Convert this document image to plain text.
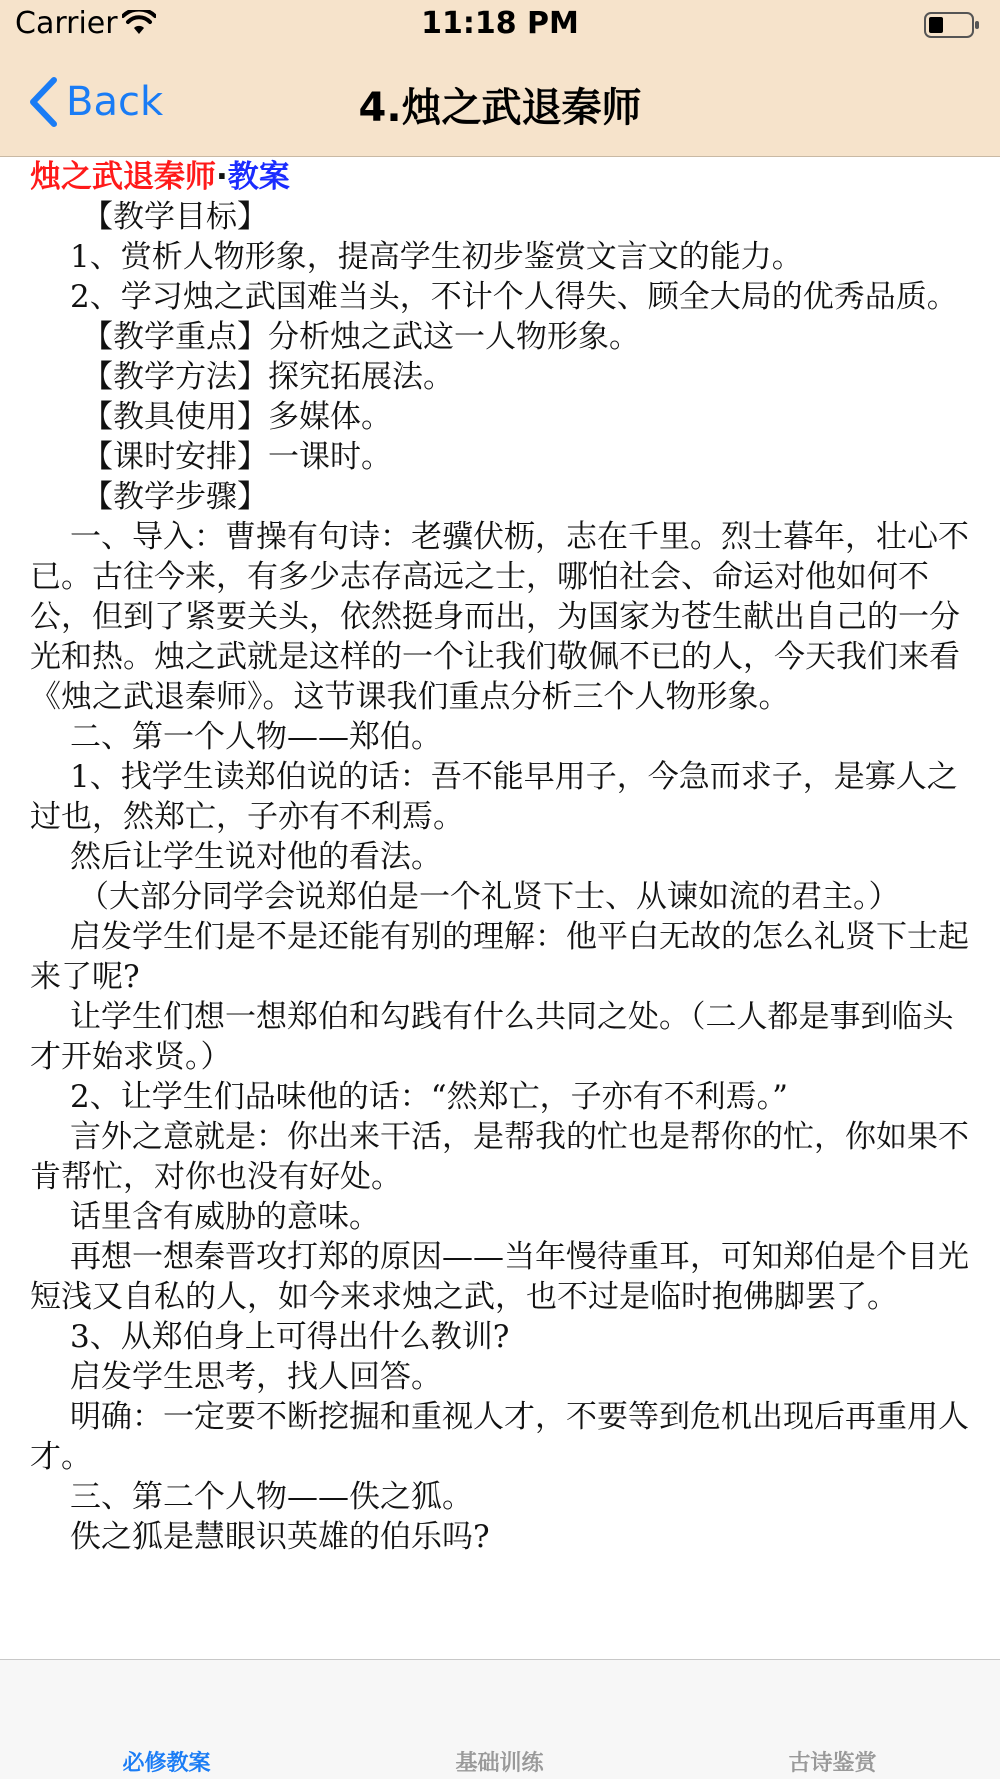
Carrier	11:18 PM
Back	4.烛之武退秦师

烛之武退秦师·教案

【教学目标】

1、赏析人物形象，提高学生初步鉴赏文言文的能力。

2、学习烛之武国难当头，不计个人得失、顾全大局的优秀品质。

【教学重点】分析烛之武这一人物形象。

【教学方法】探究拓展法。

【教具使用】多媒体。

【课时安排】一课时。

【教学步骤】

一、导入：曹操有句诗：老骥伏枥，志在千里。烈士暮年，壮心不已。古往今来，有多少志存高远之士，哪怕社会、命运对他如何不公，但到了紧要关头，依然挺身而出，为国家为苍生献出自己的一分光和热。烛之武就是这样的一个让我们敬佩不已的人，今天我们来看《烛之武退秦师》。这节课我们重点分析三个人物形象。

二、第一个人物——郑伯。

1、找学生读郑伯说的话：吾不能早用子，今急而求子，是寡人之过也，然郑亡，子亦有不利焉。

然后让学生说对他的看法。

（大部分同学会说郑伯是一个礼贤下士、从谏如流的君主。）

启发学生们是不是还能有别的理解：他平白无故的怎么礼贤下士起来了呢?

让学生们想一想郑伯和勾践有什么共同之处。（二人都是事到临头才开始求贤。）

2、让学生们品味他的话：“然郑亡，子亦有不利焉。”

言外之意就是：你出来干活，是帮我的忙也是帮你的忙，你如果不肯帮忙，对你也没有好处。

话里含有威胁的意味。

再想一想秦晋攻打郑的原因——当年慢待重耳，可知郑伯是个目光短浅又自私的人，如今来求烛之武，也不过是临时抱佛脚罢了。

3、从郑伯身上可得出什么教训?

启发学生思考，找人回答。

明确：一定要不断挖掘和重视人才，不要等到危机出现后再重用人才。

三、第二个人物——佚之狐。

佚之狐是慧眼识英雄的伯乐吗?

必修教案	基础训练	古诗鉴赏
